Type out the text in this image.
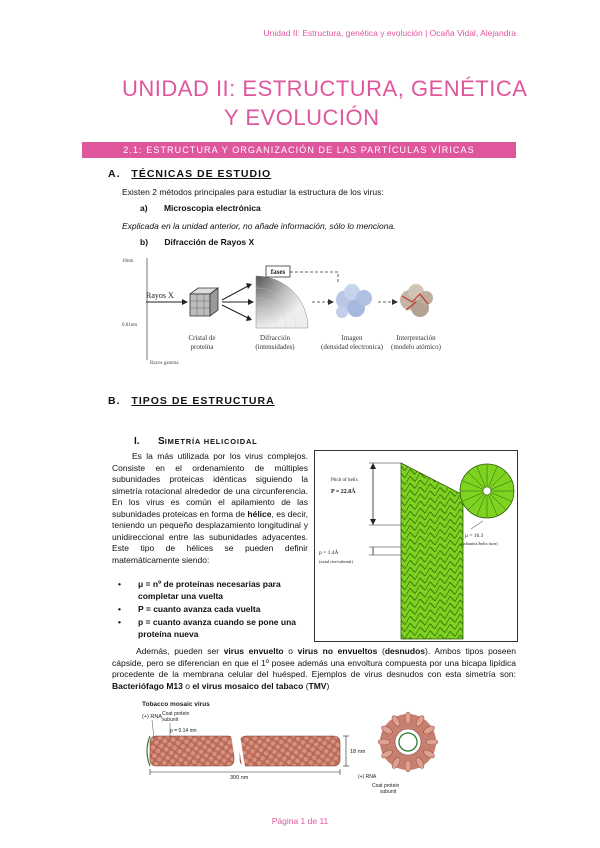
Unidad II: Estructura, genética y evolución | Ocaña Vidal, Alejandra
UNIDAD II: ESTRUCTURA, GENÉTICA
Y EVOLUCIÓN
2.1: ESTRUCTURA Y ORGANIZACIÓN DE LAS PARTÍCULAS VÍRICAS
A. TÉCNICAS DE ESTUDIO
Existen 2 métodos principales para estudiar la estructura de los virus:
a) Microscopia electrónica
Explicada en la unidad anterior, no añade información, sólo lo menciona.
b) Difracción de Rayos X
10nm
0.01nm
Rayos gamma
Rayos X
Cristal de
proteína
Difracción
(intensidades)
fases
Imagen
(densidad electronica)
Interpretación
(modelo atómico)
B. TIPOS DE ESTRUCTURA
I. SIMETRÍA HELICOIDAL
Es la más utilizada por los virus complejos. Consiste en el ordenamiento de múltiples subunidades proteicas idénticas siguiendo la simetría rotacional alrededor de una circunferencia. En los virus es común el apilamiento de las subunidades proteicas en forma de hélice, es decir, teniendo un pequeño desplazamiento longitudinal y unidireccional entre las subunidades adyacentes. Este tipo de hélices se pueden definir matemáticamente siendo:
• μ = nº de proteínas necesarias para completar una vuelta
• P = cuanto avanza cada vuelta
• p = cuanto avanza cuando se pone una proteína nueva
Pitch of helix
P = 22.8Å
p = 1.4Å
(axial rise/subunit)
μ = 16.3
(subunits/helix turn)
Además, pueden ser virus envuelto o virus no envueltos (desnudos). Ambos tipos poseen cápside, pero se diferencian en que el 1º posee además una envoltura compuesta por una bicapa lipídica procedente de la membrana celular del huésped. Ejemplos de virus desnudos con esta simetría son: Bacteriófago M13 o el virus mosaico del tabaco (TMV)
Tobacco mosaic virus
(+) RNA Coat protein
subunit
p = 0.14 nm
300 nm
18 nm
(+) RNA
Coat protein
subunit
Página 1 de 11
